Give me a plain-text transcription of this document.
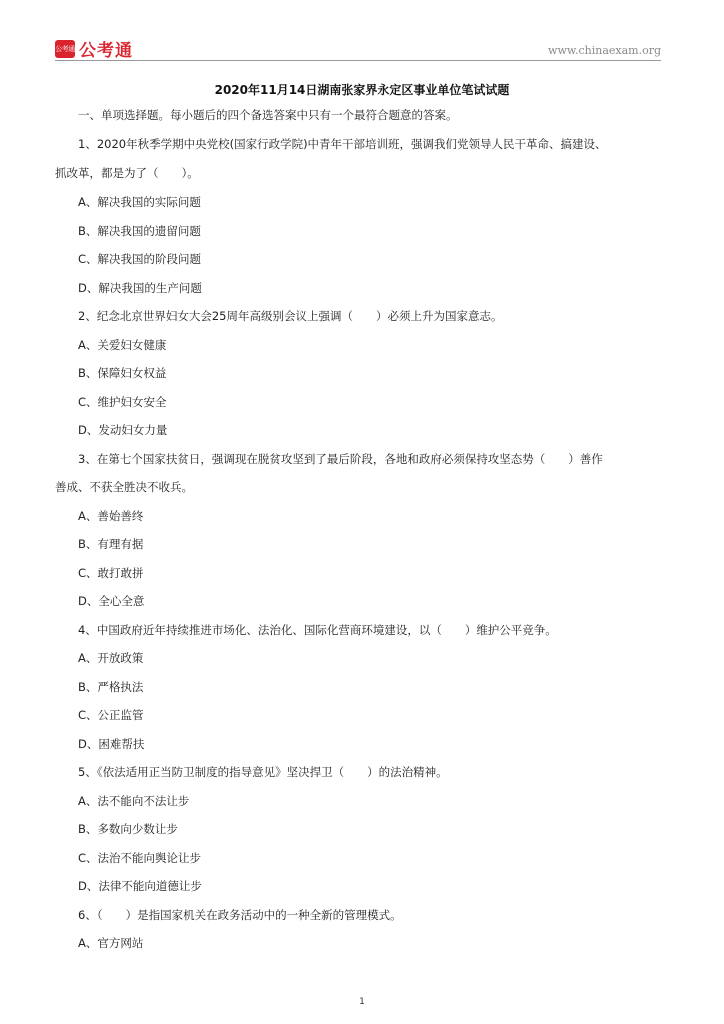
公考通 公考通	www.chinaexam.org
2020年11月14日湖南张家界永定区事业单位笔试试题
一、单项选择题。每小题后的四个备选答案中只有一个最符合题意的答案。
1、2020年秋季学期中央党校(国家行政学院)中青年干部培训班，强调我们党领导人民干革命、搞建设、
抓改革，都是为了（　　）。
A、解决我国的实际问题
B、解决我国的遗留问题
C、解决我国的阶段问题
D、解决我国的生产问题
2、纪念北京世界妇女大会25周年高级别会议上强调（　　）必须上升为国家意志。
A、关爱妇女健康
B、保障妇女权益
C、维护妇女安全
D、发动妇女力量
3、在第七个国家扶贫日，强调现在脱贫攻坚到了最后阶段，各地和政府必须保持攻坚态势（　　）善作
善成、不获全胜决不收兵。
A、善始善终
B、有理有据
C、敢打敢拼
D、全心全意
4、中国政府近年持续推进市场化、法治化、国际化营商环境建设，以（　　）维护公平竞争。
A、开放政策
B、严格执法
C、公正监管
D、困难帮扶
5、《依法适用正当防卫制度的指导意见》坚决捍卫（　　）的法治精神。
A、法不能向不法让步
B、多数向少数让步
C、法治不能向舆论让步
D、法律不能向道德让步
6、（　　）是指国家机关在政务活动中的一种全新的管理模式。
A、官方网站
1
